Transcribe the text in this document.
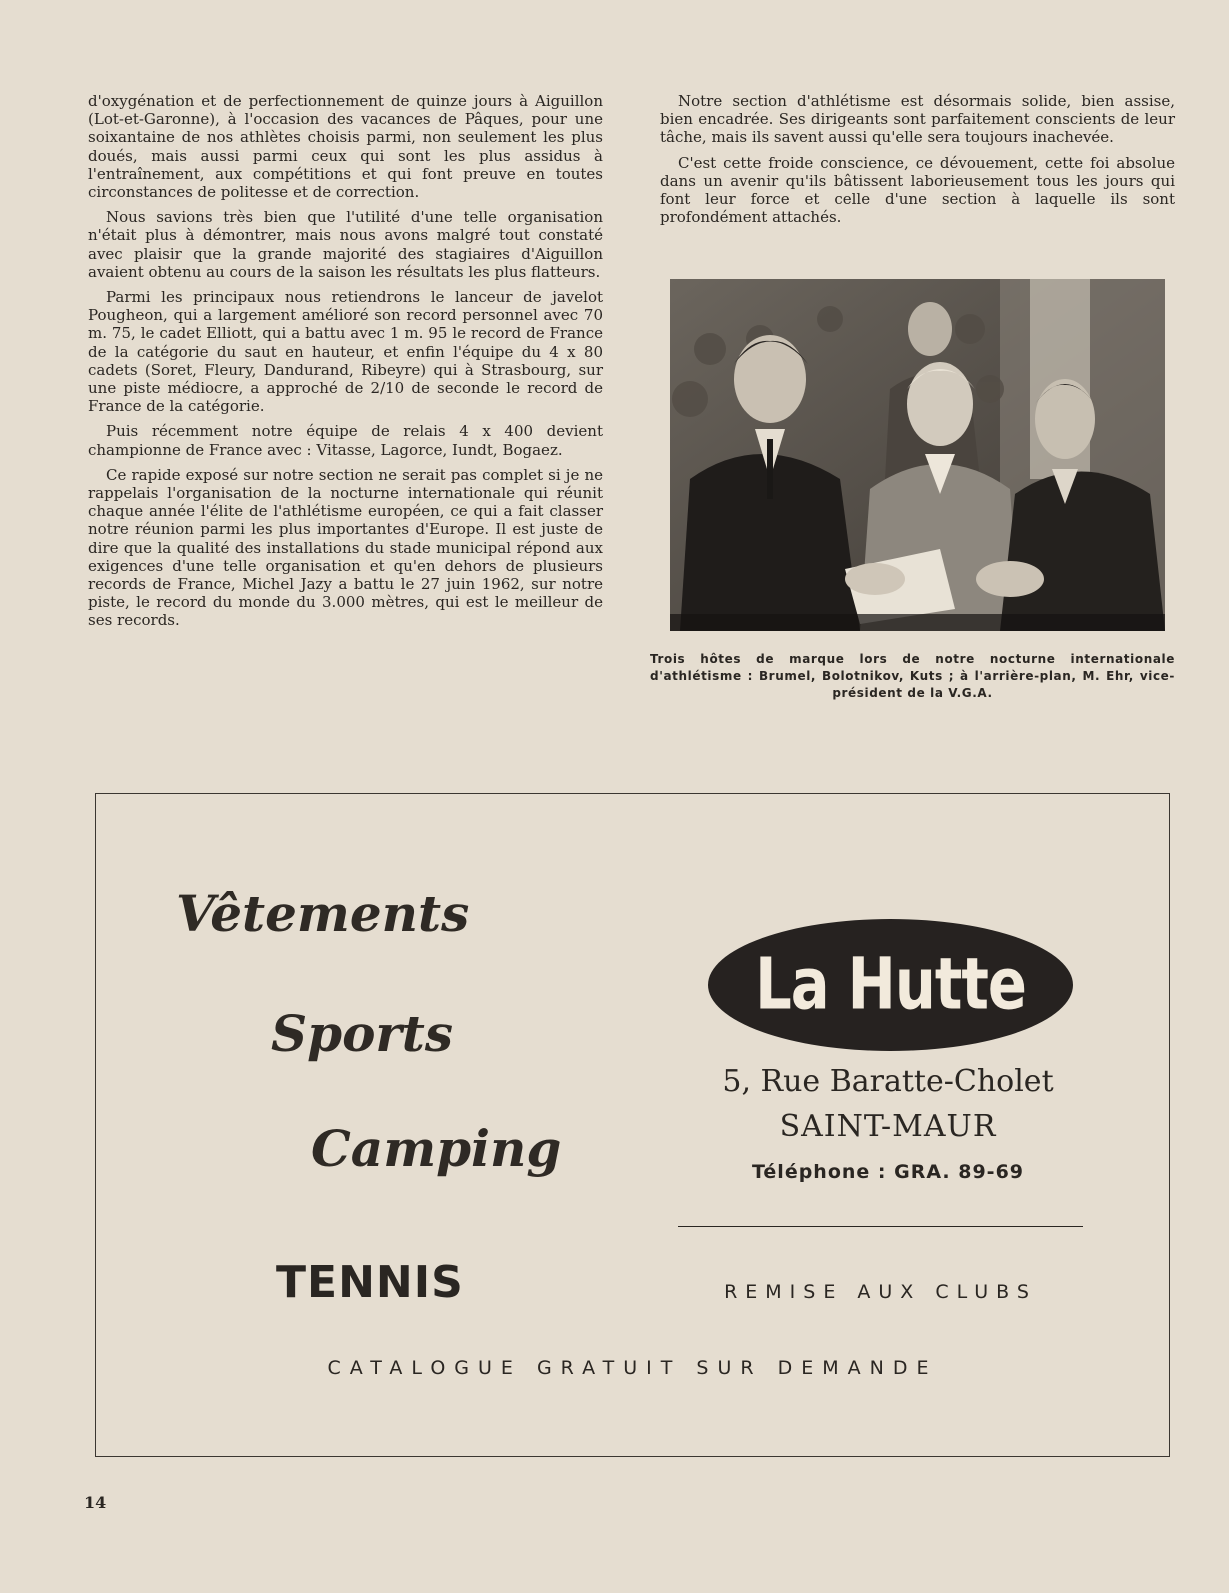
d'oxygénation et de perfectionnement de quinze jours à Aiguillon (Lot-et-Garonne), à l'occasion des vacances de Pâques, pour une soixantaine de nos athlètes choisis parmi, non seulement les plus doués, mais aussi parmi ceux qui sont les plus assidus à l'entraînement, aux compétitions et qui font preuve en toutes circonstances de politesse et de correction.

Nous savions très bien que l'utilité d'une telle organisation n'était plus à démontrer, mais nous avons malgré tout constaté avec plaisir que la grande majorité des stagiaires d'Aiguillon avaient obtenu au cours de la saison les résultats les plus flatteurs.

Parmi les principaux nous retiendrons le lanceur de javelot Pougheon, qui a largement amélioré son record personnel avec 70 m. 75, le cadet Elliott, qui a battu avec 1 m. 95 le record de France de la catégorie du saut en hauteur, et enfin l'équipe du 4 x 80 cadets (Soret, Fleury, Dandurand, Ribeyre) qui à Strasbourg, sur une piste médiocre, a approché de 2/10 de seconde le record de France de la catégorie.

Puis récemment notre équipe de relais 4 x 400 devient championne de France avec : Vitasse, Lagorce, Iundt, Bogaez.

Ce rapide exposé sur notre section ne serait pas complet si je ne rappelais l'organisation de la nocturne internationale qui réunit chaque année l'élite de l'athlétisme européen, ce qui a fait classer notre réunion parmi les plus importantes d'Europe. Il est juste de dire que la qualité des installations du stade municipal répond aux exigences d'une telle organisation et qu'en dehors de plusieurs records de France, Michel Jazy a battu le 27 juin 1962, sur notre piste, le record du monde du 3.000 mètres, qui est le meilleur de ses records.

Notre section d'athlétisme est désormais solide, bien assise, bien encadrée. Ses dirigeants sont parfaitement conscients de leur tâche, mais ils savent aussi qu'elle sera toujours inachevée.

C'est cette froide conscience, ce dévouement, cette foi absolue dans un avenir qu'ils bâtissent laborieusement tous les jours qui font leur force et celle d'une section à laquelle ils sont profondément attachés.

Trois hôtes de marque lors de notre nocturne internationale d'athlétisme : Brumel, Bolotnikov, Kuts ; à l'arrière-plan, M. Ehr, vice-président de la V.G.A.
Vêtements
Sports
Camping
TENNIS
La Hutte
5, Rue Baratte-Cholet
SAINT-MAUR
Téléphone : GRA. 89-69
REMISE AUX CLUBS
CATALOGUE GRATUIT SUR DEMANDE
14
